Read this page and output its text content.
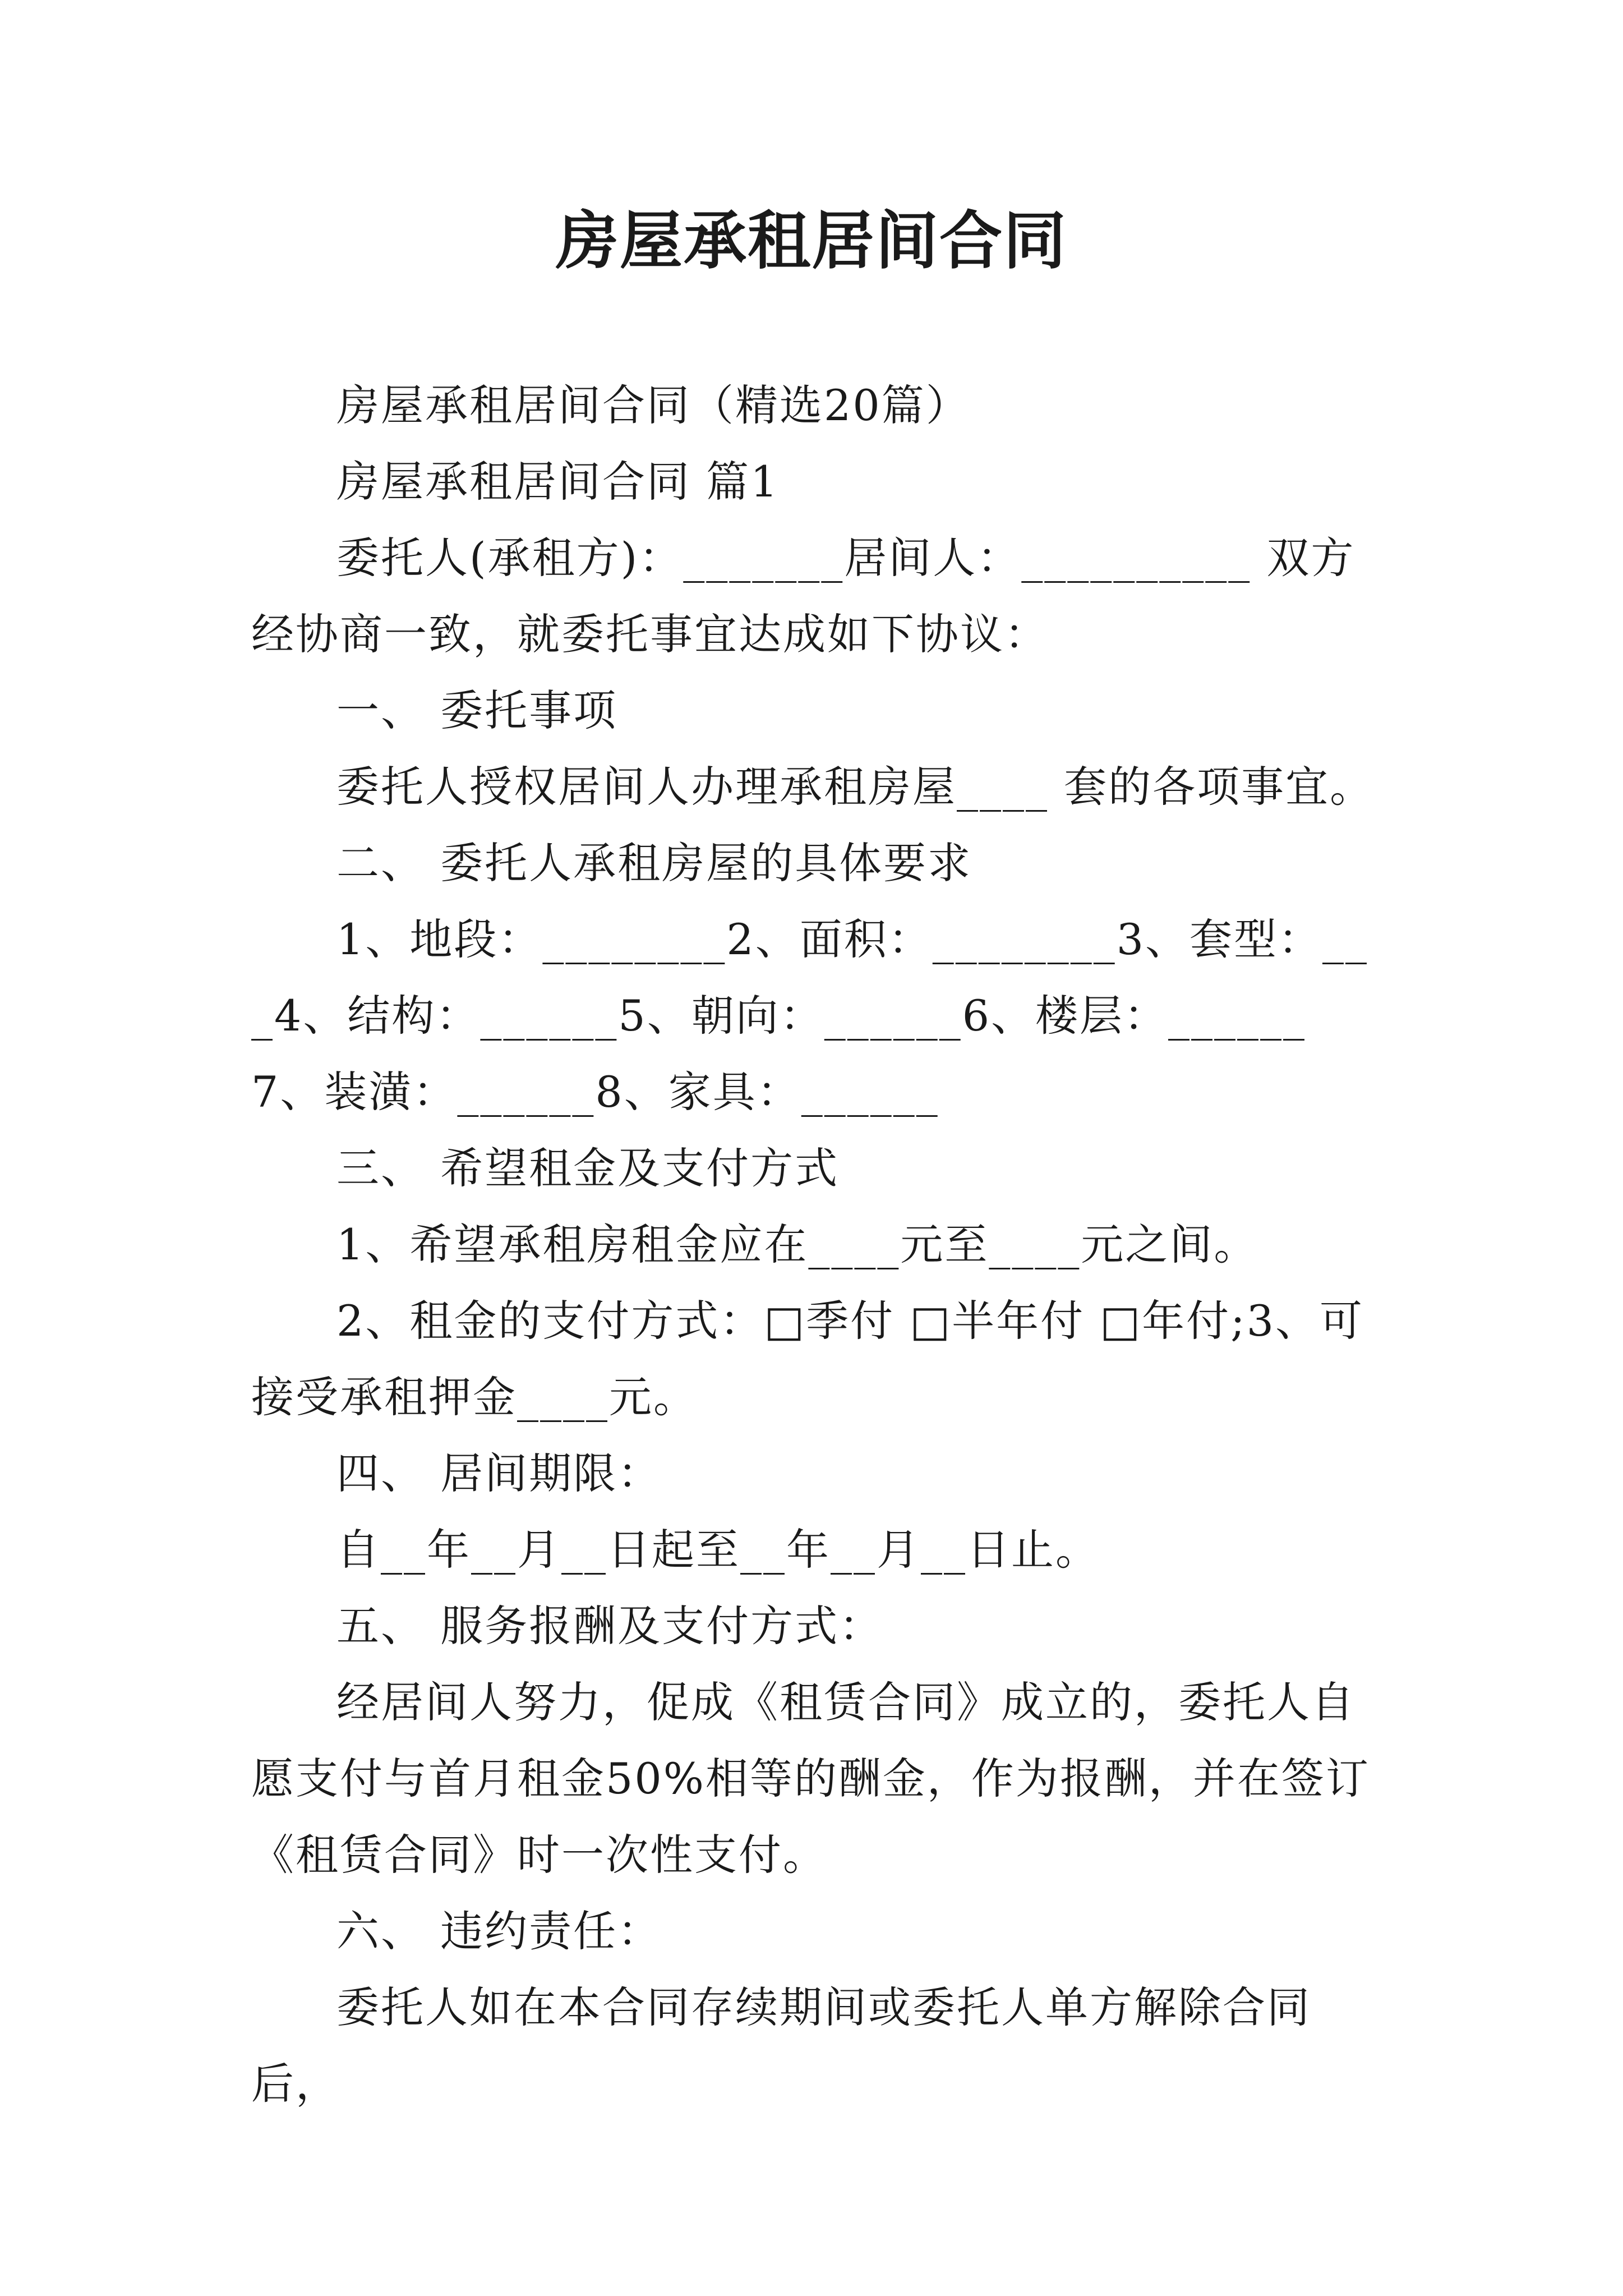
房屋承租居间合同

房屋承租居间合同（精选20篇）

房屋承租居间合同 篇1

委托人(承租方)：_______居间人：__________ 双方经协商一致，就委托事宜达成如下协议：

一、 委托事项

委托人授权居间人办理承租房屋____ 套的各项事宜。

二、 委托人承租房屋的具体要求

1、地段：________2、面积：________3、套型：___4、结构：______5、朝向：______6、楼层：______ 7、装潢：______8、家具：______

三、 希望租金及支付方式

1、希望承租房租金应在____元至____元之间。

2、租金的支付方式：□季付 □半年付 □年付;3、可接受承租押金____元。

四、 居间期限：

自__年__月__日起至__年__月__日止。

五、 服务报酬及支付方式：

经居间人努力，促成《租赁合同》成立的，委托人自愿支付与首月租金50%相等的酬金，作为报酬，并在签订《租赁合同》时一次性支付。

六、 违约责任：

委托人如在本合同存续期间或委托人单方解除合同后，
